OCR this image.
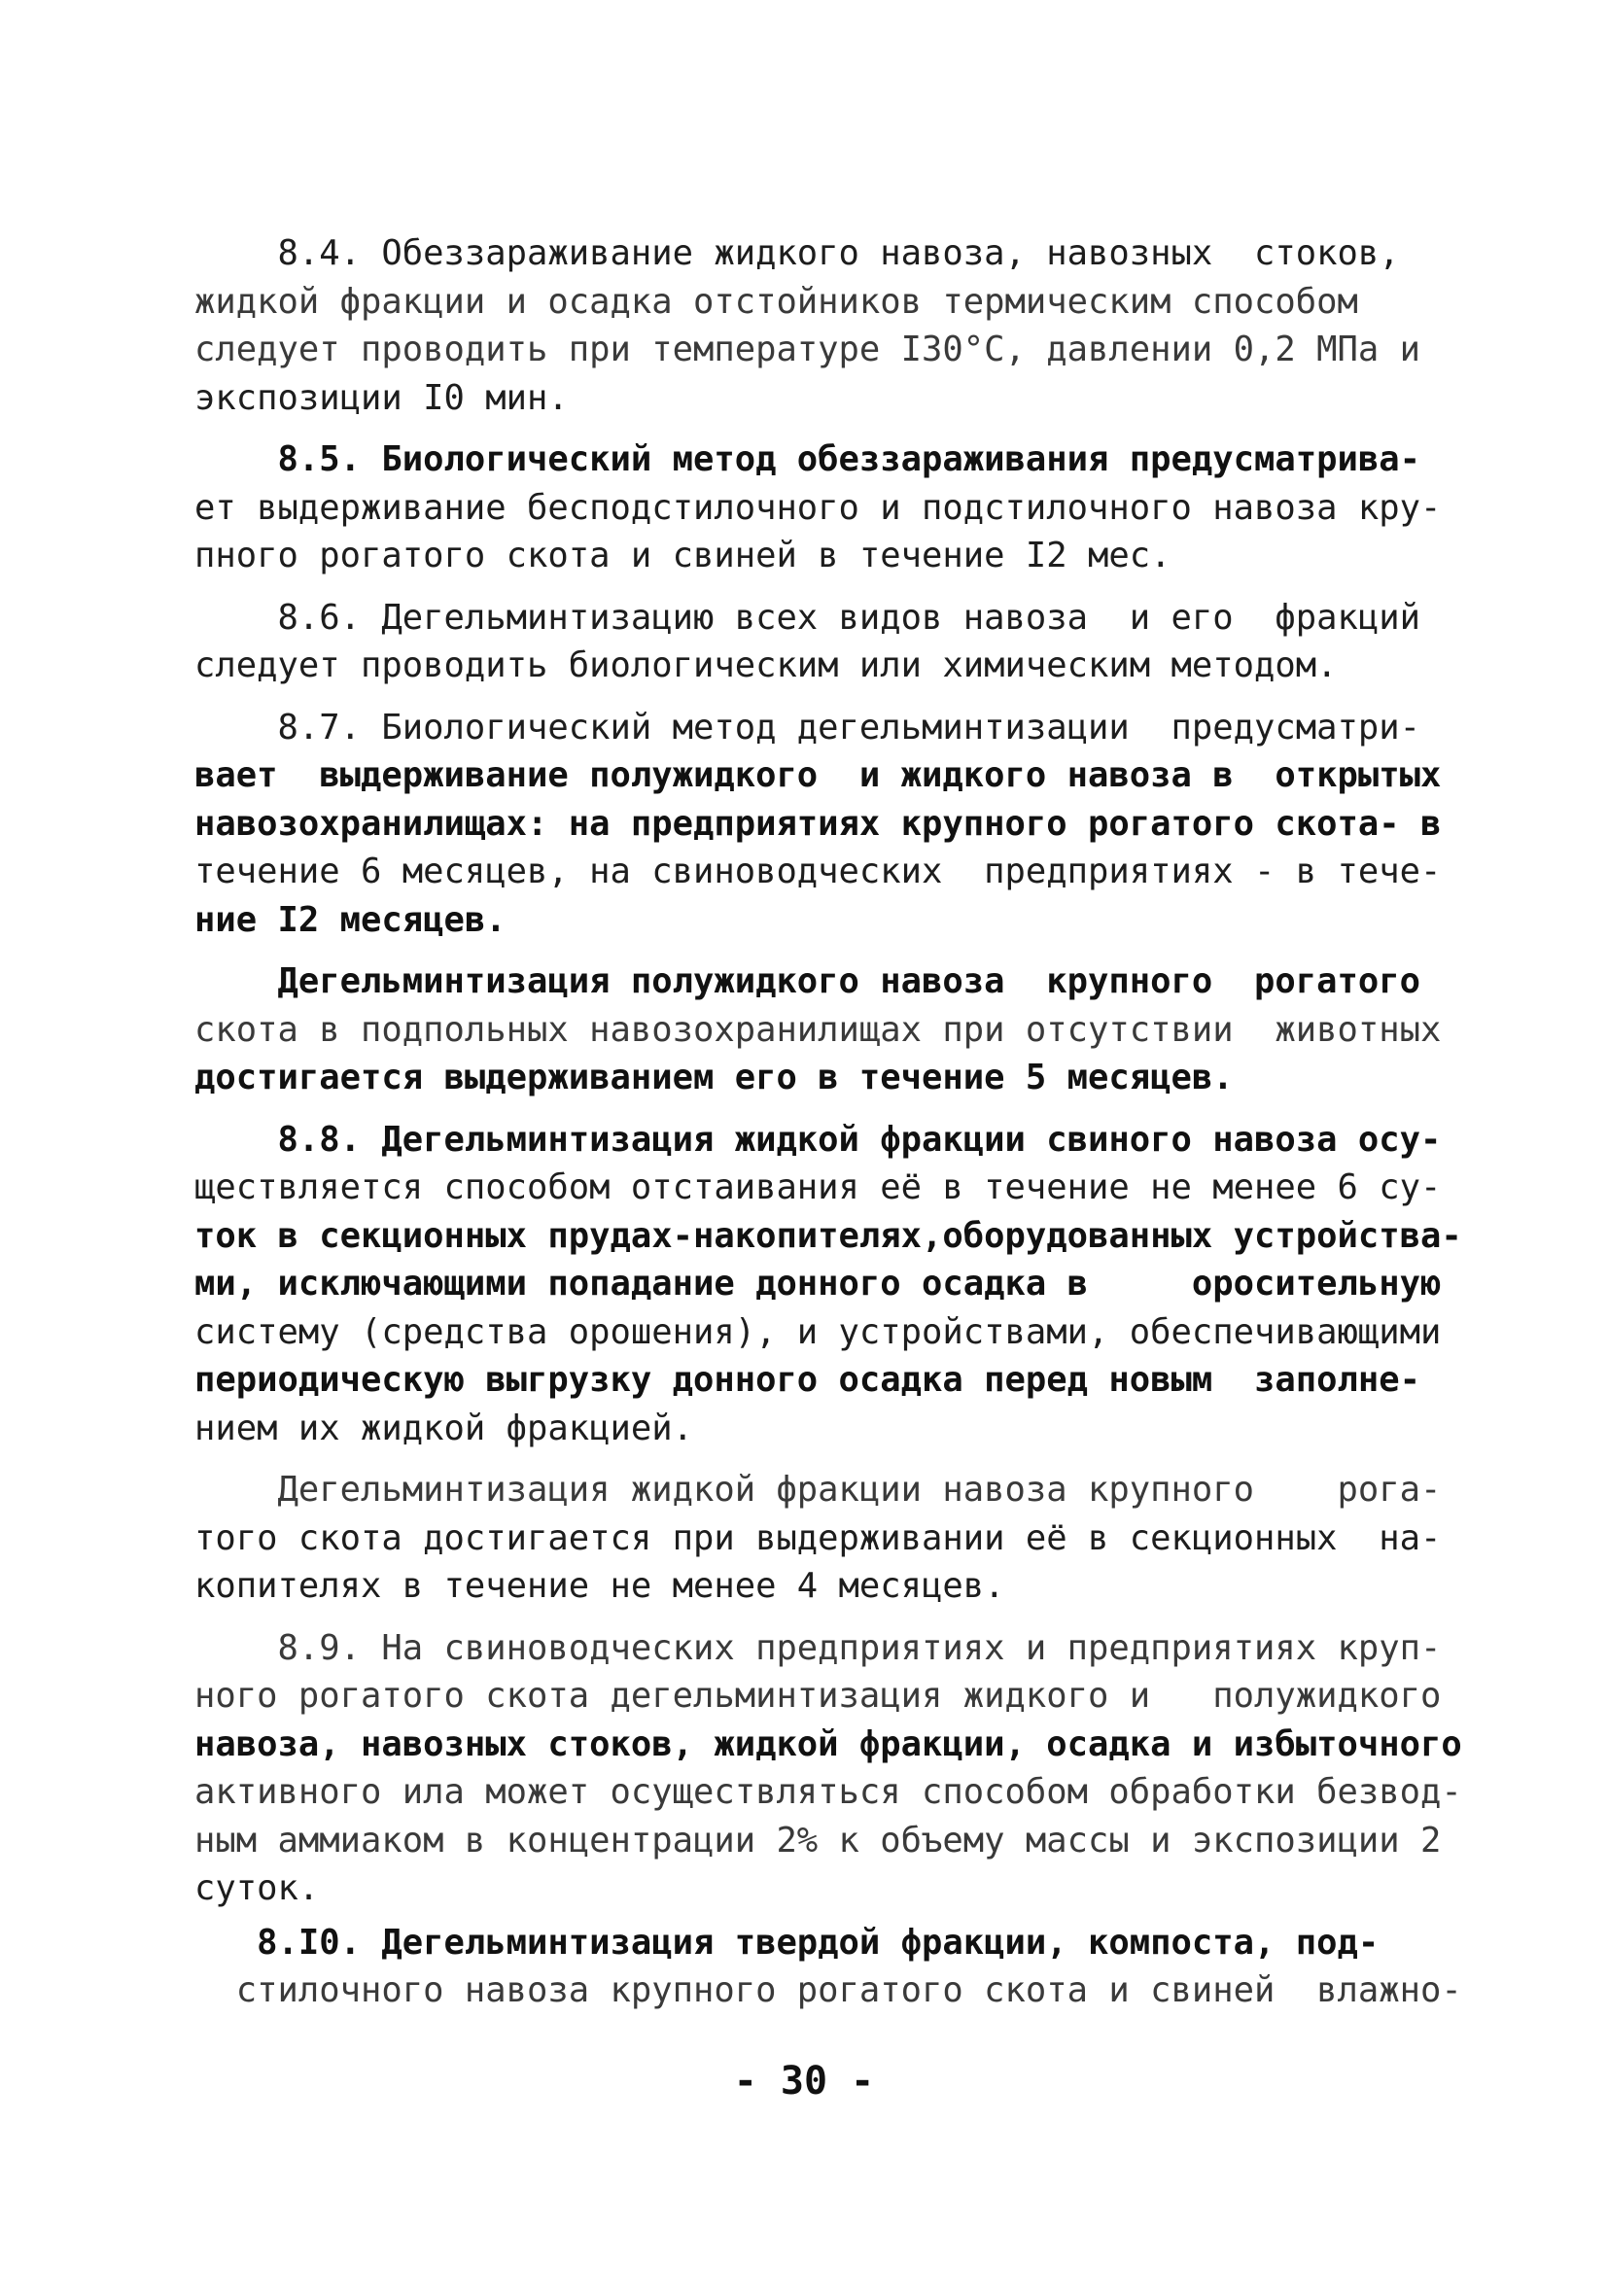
8.4. Обеззараживание жидкого навоза, навозных  стоков,
жидкой фракции и осадка отстойников термическим способом
следует проводить при температуре I30°С, давлении 0,2 МПа и
экспозиции I0 мин.
8.5. Биологический метод обеззараживания предусматрива-
ет выдерживание бесподстилочного и подстилочного навоза кру-
пного рогатого скота и свиней в течение I2 мес.
8.6. Дегельминтизацию всех видов навоза  и его  фракций
следует проводить биологическим или химическим методом.
8.7. Биологический метод дегельминтизации  предусматри-
вает  выдерживание полужидкого  и жидкого навоза в  открытых
навозохранилищах: на предприятиях крупного рогатого скота- в
течение 6 месяцев, на свиноводческих  предприятиях - в тече-
ние I2 месяцев.
Дегельминтизация полужидкого навоза  крупного  рогатого
скота в подпольных навозохранилищах при отсутствии  животных
достигается выдерживанием его в течение 5 месяцев.
8.8. Дегельминтизация жидкой фракции свиного навоза осу-
ществляется способом отстаивания её в течение не менее 6 су-
ток в секционных прудах-накопителях,оборудованных устройства-
ми, исключающими попадание донного осадка в     оросительную
систему (средства орошения), и устройствами, обеспечивающими
периодическую выгрузку донного осадка перед новым  заполне-
нием их жидкой фракцией.
Дегельминтизация жидкой фракции навоза крупного    рога-
того скота достигается при выдерживании её в секционных  на-
копителях в течение не менее 4 месяцев.
8.9. На свиноводческих предприятиях и предприятиях круп-
ного рогатого скота дегельминтизация жидкого и   полужидкого
навоза, навозных стоков, жидкой фракции, осадка и избыточного
активного ила может осуществляться способом обработки безвод-
ным аммиаком в концентрации 2% к объему массы и экспозиции 2
суток.
8.I0. Дегельминтизация твердой фракции, компоста, под-
стилочного навоза крупного рогатого скота и свиней  влажно-
- 30 -
